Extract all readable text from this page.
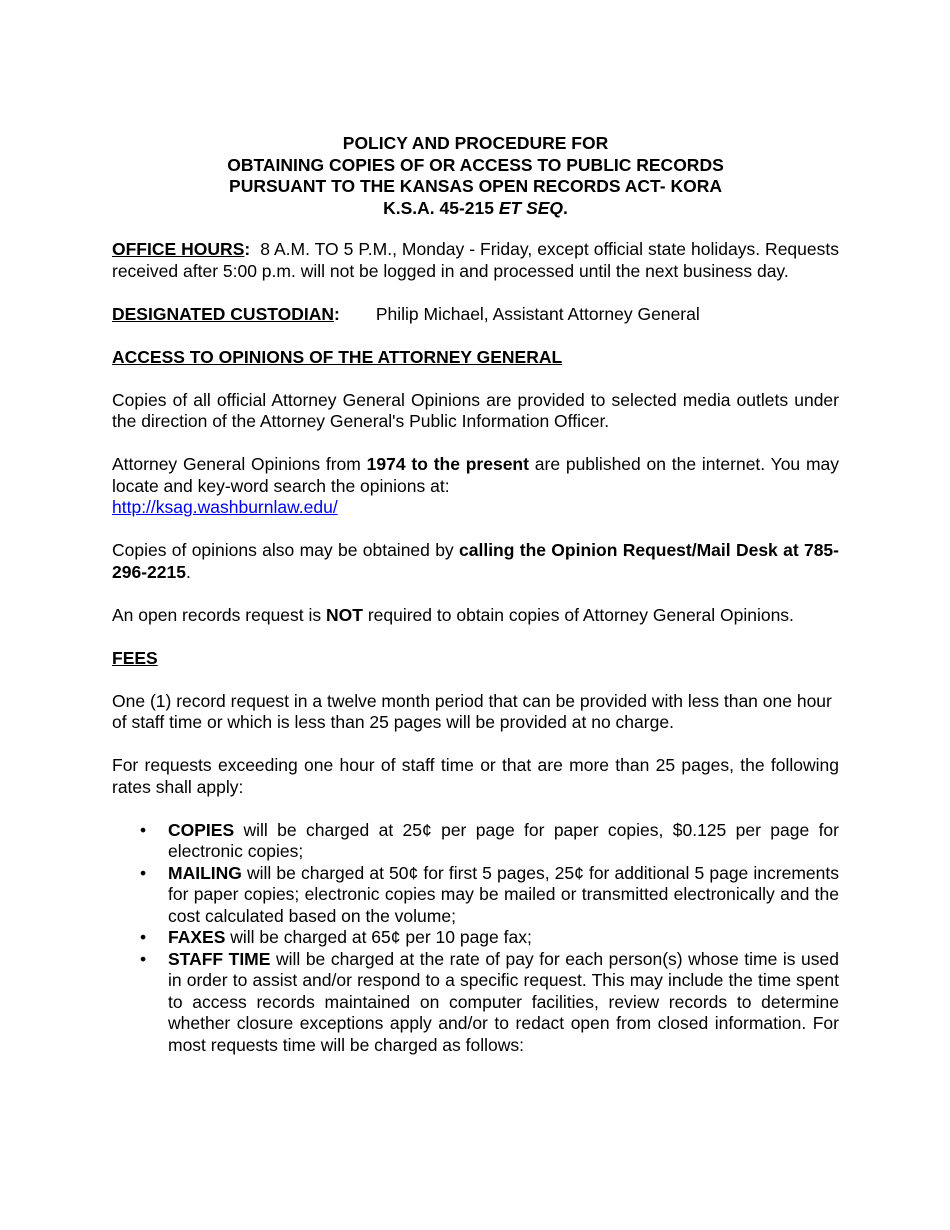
POLICY AND PROCEDURE FOR
OBTAINING COPIES OF OR ACCESS TO PUBLIC RECORDS
PURSUANT TO THE KANSAS OPEN RECORDS ACT- KORA
K.S.A. 45-215 ET SEQ.

OFFICE HOURS:  8 A.M. TO 5 P.M., Monday - Friday, except official state holidays. Requests received after 5:00 p.m. will not be logged in and processed until the next business day.

DESIGNATED CUSTODIAN: Philip Michael, Assistant Attorney General

ACCESS TO OPINIONS OF THE ATTORNEY GENERAL

Copies of all official Attorney General Opinions are provided to selected media outlets under the direction of the Attorney General's Public Information Officer.

Attorney General Opinions from 1974 to the present are published on the internet. You may locate and key-word search the opinions at:
http://ksag.washburnlaw.edu/

Copies of opinions also may be obtained by calling the Opinion Request/Mail Desk at 785-296-2215.

An open records request is NOT required to obtain copies of Attorney General Opinions.

FEES

One (1) record request in a twelve month period that can be provided with less than one hour of staff time or which is less than 25 pages will be provided at no charge.

For requests exceeding one hour of staff time or that are more than 25 pages, the following rates shall apply:

• COPIES will be charged at 25¢ per page for paper copies, $0.125 per page for electronic copies;
• MAILING will be charged at 50¢ for first 5 pages, 25¢ for additional 5 page increments for paper copies; electronic copies may be mailed or transmitted electronically and the cost calculated based on the volume;
• FAXES will be charged at 65¢ per 10 page fax;
• STAFF TIME will be charged at the rate of pay for each person(s) whose time is used in order to assist and/or respond to a specific request. This may include the time spent to access records maintained on computer facilities, review records to determine whether closure exceptions apply and/or to redact open from closed information. For most requests time will be charged as follows:
